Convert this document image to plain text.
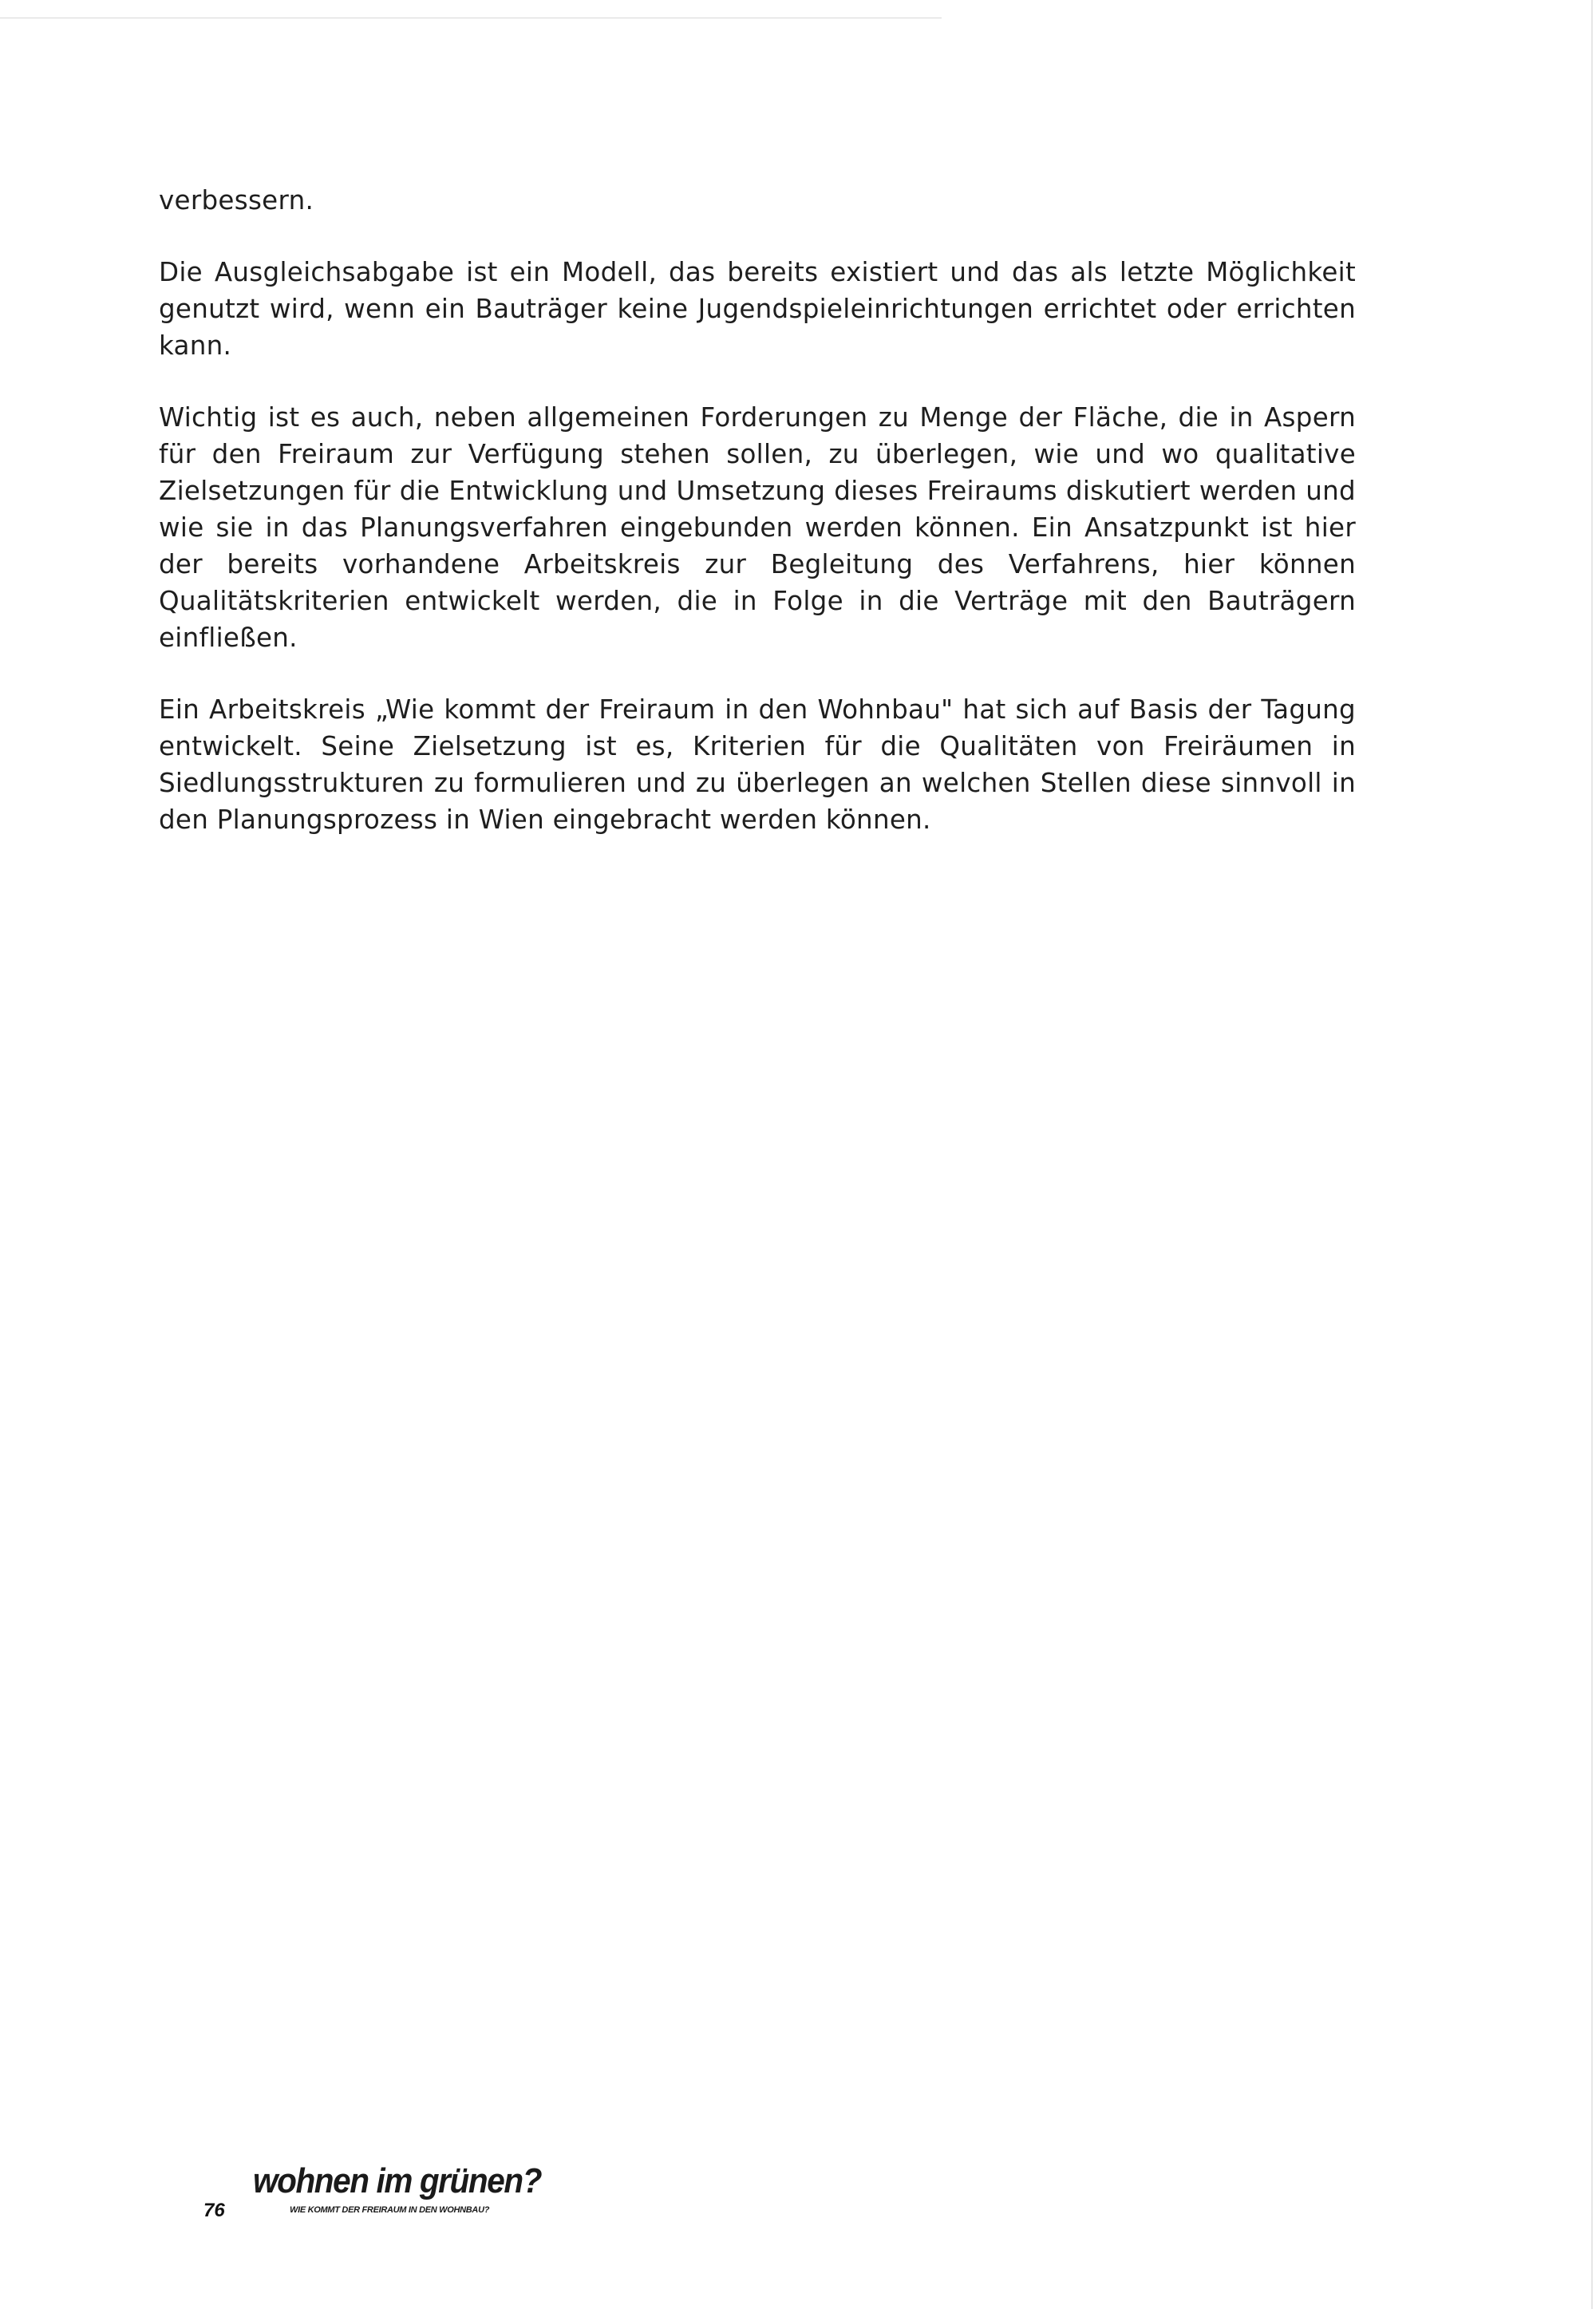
verbessern.

Die Ausgleichsabgabe ist ein Modell, das bereits existiert und das als letzte Möglichkeit genutzt wird, wenn ein Bauträger keine Jugendspieleinrichtungen errichtet oder errichten kann.

Wichtig ist es auch, neben allgemeinen Forderungen zu Menge der Fläche, die in Aspern für den Freiraum zur Verfügung stehen sollen, zu überlegen, wie und wo qualitative Zielsetzungen für die Entwicklung und Umsetzung dieses Freiraums diskutiert werden und wie sie in das Planungsverfahren eingebunden werden können. Ein Ansatzpunkt ist hier der bereits vorhandene Arbeitskreis zur Begleitung des Verfahrens, hier können Qualitätskriterien entwickelt werden, die in Folge in die Verträge mit den Bauträgern einfließen.

Ein Arbeitskreis „Wie kommt der Freiraum in den Wohnbau" hat sich auf Basis der Tagung entwickelt. Seine Zielsetzung ist es, Kriterien für die Qualitäten von Freiräumen in Siedlungsstrukturen zu formulieren und zu überlegen an welchen Stellen diese sinnvoll in den Planungsprozess in Wien eingebracht werden können.

76
wohnen im grünen?
WIE KOMMT DER FREIRAUM IN DEN WOHNBAU?
